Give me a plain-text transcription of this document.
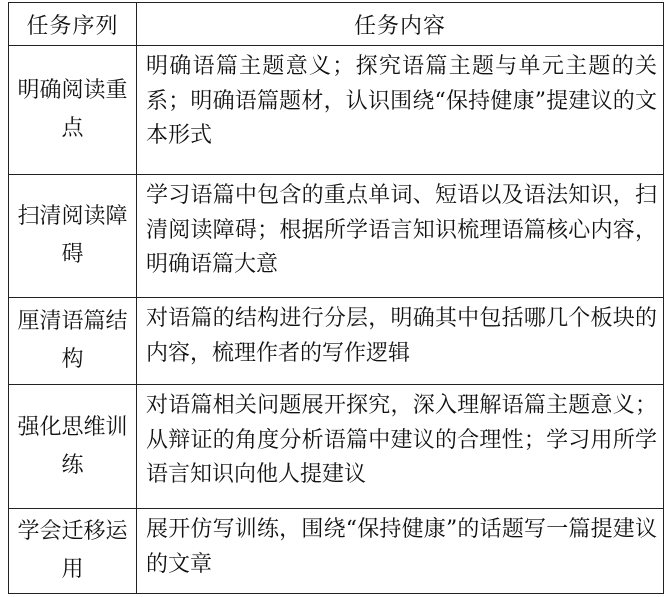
任务序列	任务内容
明确阅读重点	明确语篇主题意义；探究语篇主题与单元主题的关系；明确语篇题材，认识围绕“保持健康”提建议的文本形式
扫清阅读障碍	学习语篇中包含的重点单词、短语以及语法知识，扫清阅读障碍；根据所学语言知识梳理语篇核心内容，明确语篇大意
厘清语篇结构	对语篇的结构进行分层，明确其中包括哪几个板块的内容，梳理作者的写作逻辑
强化思维训练	对语篇相关问题展开探究，深入理解语篇主题意义；从辩证的角度分析语篇中建议的合理性；学习用所学语言知识向他人提建议
学会迁移运用	展开仿写训练，围绕“保持健康”的话题写一篇提建议的文章
